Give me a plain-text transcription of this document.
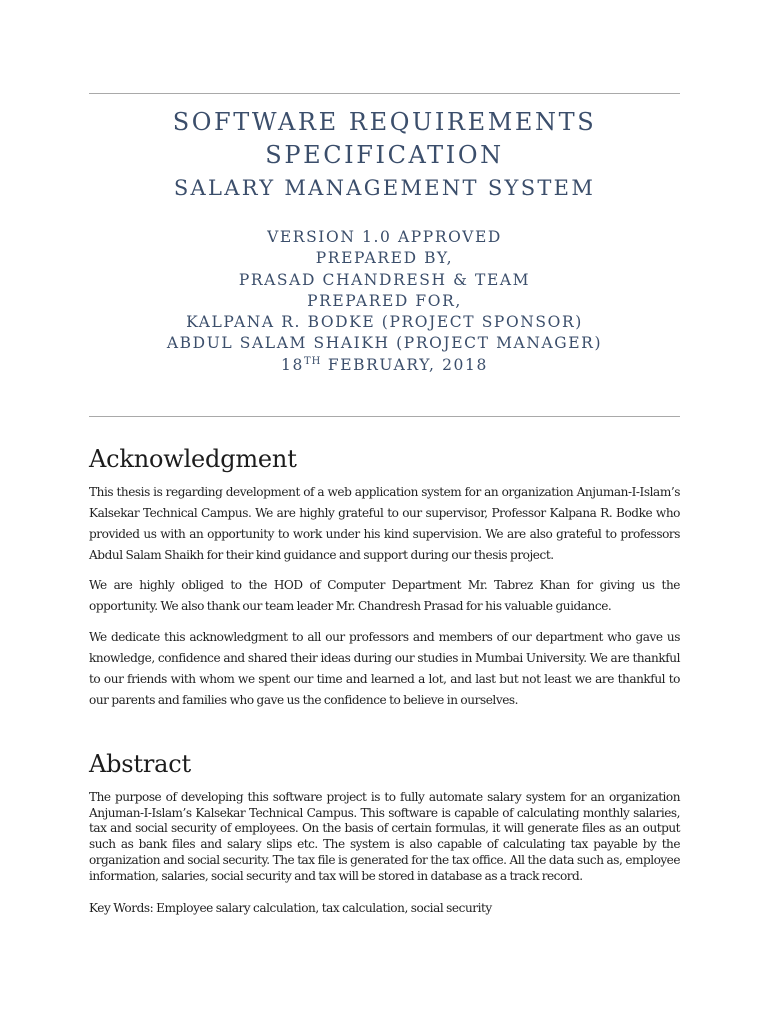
SOFTWARE REQUIREMENTS
SPECIFICATION
SALARY MANAGEMENT SYSTEM
VERSION 1.0 APPROVED
PREPARED BY,
PRASAD CHANDRESH & TEAM
PREPARED FOR,
KALPANA R. BODKE (PROJECT SPONSOR)
ABDUL SALAM SHAIKH (PROJECT MANAGER)
18TH FEBRUARY, 2018
Acknowledgment

This thesis is regarding development of a web application system for an organization Anjuman-I-Islam’s Kalsekar Technical Campus. We are highly grateful to our supervisor, Professor Kalpana R. Bodke who provided us with an opportunity to work under his kind supervision. We are also grateful to professors Abdul Salam Shaikh for their kind guidance and support during our thesis project.

We are highly obliged to the HOD of Computer Department Mr. Tabrez Khan for giving us the opportunity. We also thank our team leader Mr. Chandresh Prasad for his valuable guidance.

We dedicate this acknowledgment to all our professors and members of our department who gave us knowledge, confidence and shared their ideas during our studies in Mumbai University. We are thankful to our friends with whom we spent our time and learned a lot, and last but not least we are thankful to our parents and families who gave us the confidence to believe in ourselves.

Abstract

The purpose of developing this software project is to fully automate salary system for an organization Anjuman-I-Islam’s Kalsekar Technical Campus. This software is capable of calculating monthly salaries, tax and social security of employees. On the basis of certain formulas, it will generate files as an output such as bank files and salary slips etc. The system is also capable of calculating tax payable by the organization and social security. The tax file is generated for the tax office. All the data such as, employee information, salaries, social security and tax will be stored in database as a track record.

Key Words: Employee salary calculation, tax calculation, social security
